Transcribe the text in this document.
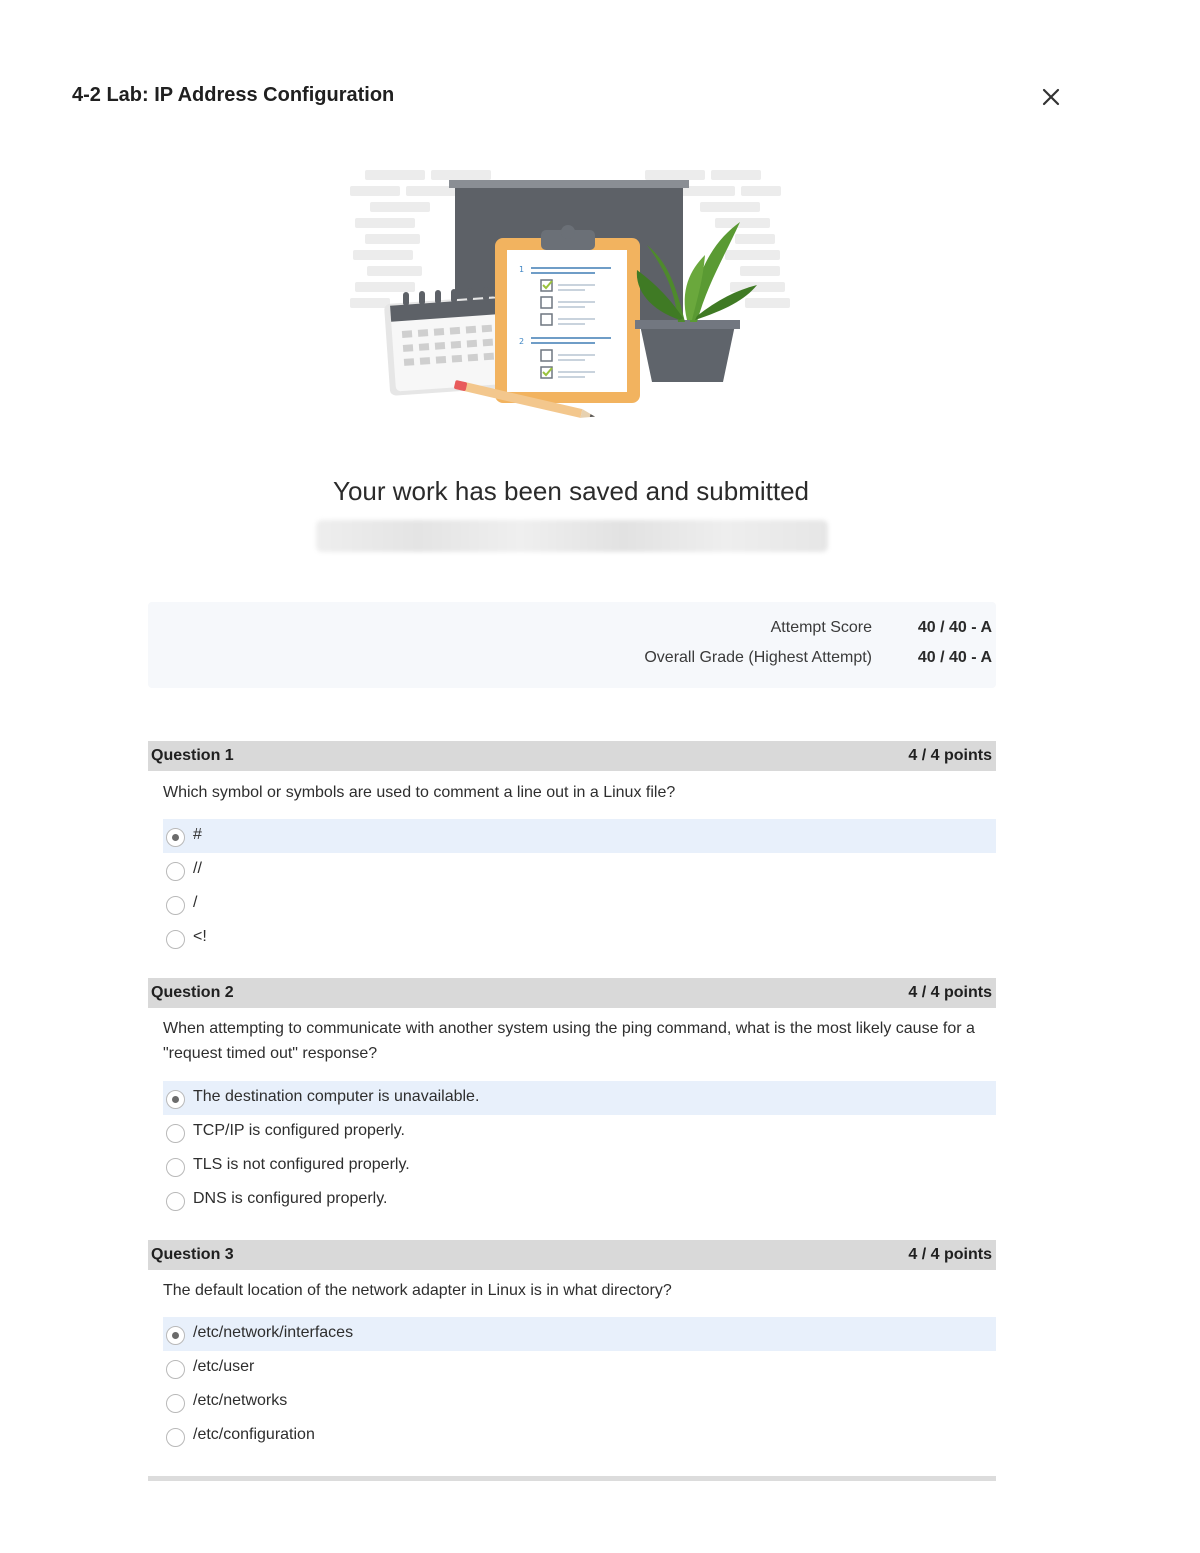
4-2 Lab: IP Address Configuration
1
2
Your work has been saved and submitted
Attempt Score	40 / 40 - A
Overall Grade (Highest Attempt)	40 / 40 - A
Question 1	4 / 4 points
Which symbol or symbols are used to comment a line out in a Linux file?
#
//
/
<!
Question 2	4 / 4 points
When attempting to communicate with another system using the ping command, what is the most likely cause for a "request timed out" response?
The destination computer is unavailable.
TCP/IP is configured properly.
TLS is not configured properly.
DNS is configured properly.
Question 3	4 / 4 points
The default location of the network adapter in Linux is in what directory?
/etc/network/interfaces
/etc/user
/etc/networks
/etc/configuration
